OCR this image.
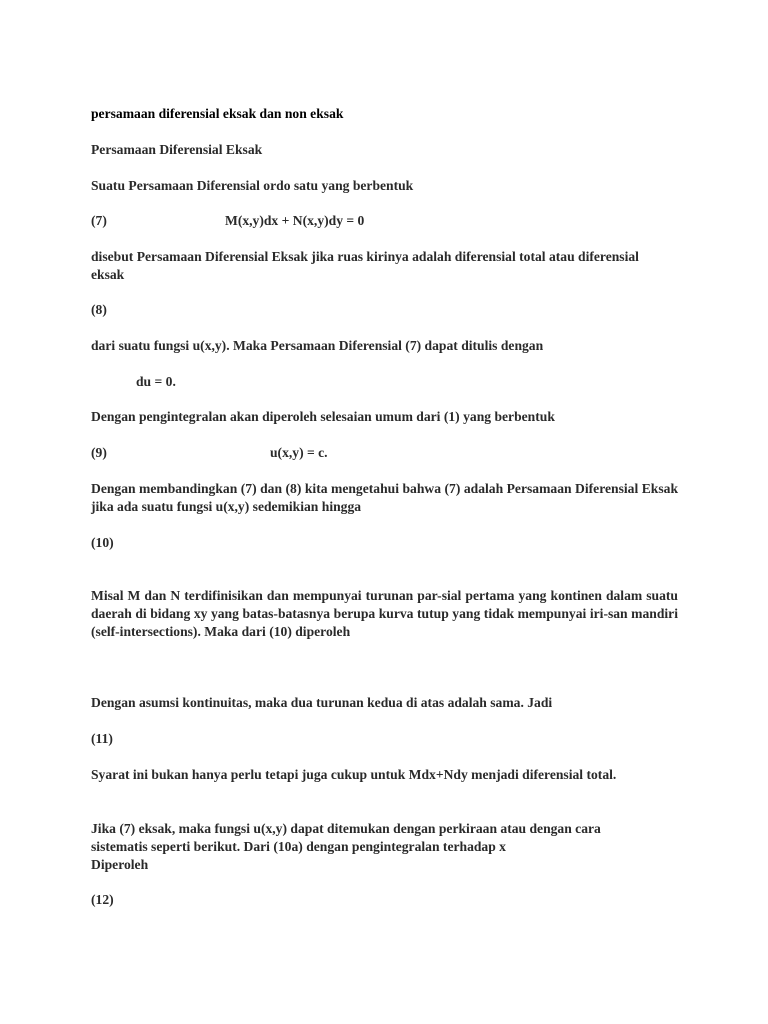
persamaan diferensial eksak dan non eksak
Persamaan Diferensial Eksak
Suatu Persamaan Diferensial ordo satu yang berbentuk
(7)	M(x,y)dx + N(x,y)dy = 0
disebut Persamaan Diferensial Eksak jika ruas kirinya adalah diferensial total atau diferensial eksak
(8)
dari suatu fungsi u(x,y). Maka Persamaan Diferensial (7) dapat ditulis dengan
du = 0.
Dengan pengintegralan akan diperoleh selesaian umum dari (1) yang berbentuk
(9)	u(x,y) = c.
Dengan membandingkan (7) dan (8) kita mengetahui bahwa (7) adalah Persamaan Diferensial Eksak jika ada suatu fungsi u(x,y) sedemikian hingga
(10)
Misal M dan N terdifinisikan dan mempunyai turunan par-sial pertama yang kontinen dalam suatu daerah di bidang xy yang batas-batasnya berupa kurva tutup yang tidak mempunyai iri-san mandiri (self-intersections). Maka dari (10) diperoleh
Dengan asumsi kontinuitas, maka dua turunan kedua di atas adalah sama. Jadi
(11)
Syarat ini bukan hanya perlu tetapi juga cukup untuk Mdx+Ndy menjadi diferensial total.
Jika (7) eksak, maka fungsi u(x,y) dapat ditemukan dengan perkiraan atau dengan cara
sistematis seperti berikut. Dari (10a) dengan pengintegralan terhadap x
Diperoleh
(12)
